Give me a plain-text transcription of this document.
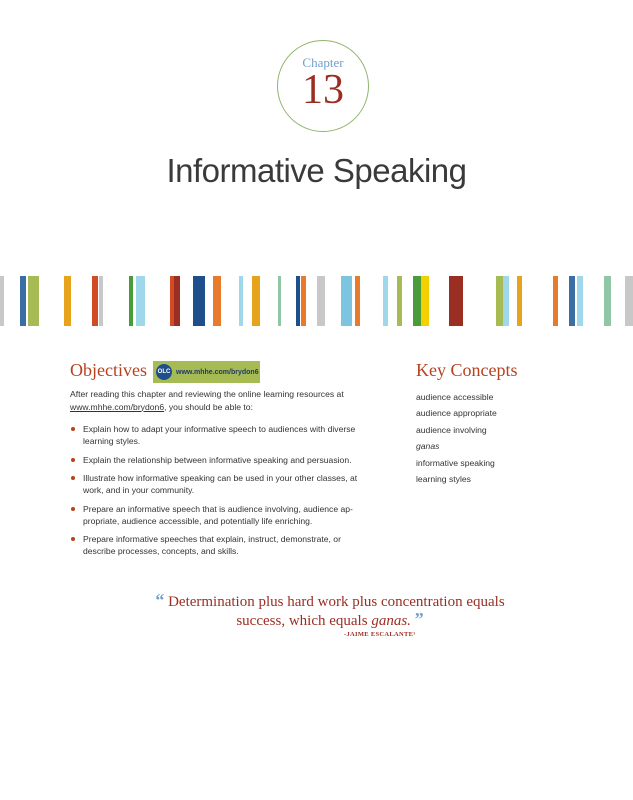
Chapter
13
Informative Speaking
Objectives OLC www.mhhe.com/brydon6
After reading this chapter and reviewing the online learning resources at www.mhhe.com/brydon6, you should be able to:
Explain how to adapt your informative speech to audiences with diverse learning styles.
Explain the relationship between informative speaking and persuasion.
Illustrate how informative speaking can be used in your other classes, at work, and in your community.
Prepare an informative speech that is audience involving, audience ap-propriate, audience accessible, and potentially life enriching.
Prepare informative speeches that explain, instruct, demonstrate, or describe processes, concepts, and skills.
Key Concepts
audience accessible
audience appropriate
audience involving
ganas
informative speaking
learning styles
“ Determination plus hard work plus concentration equals success, which equals ganas. ”
-JAIME ESCALANTE¹
